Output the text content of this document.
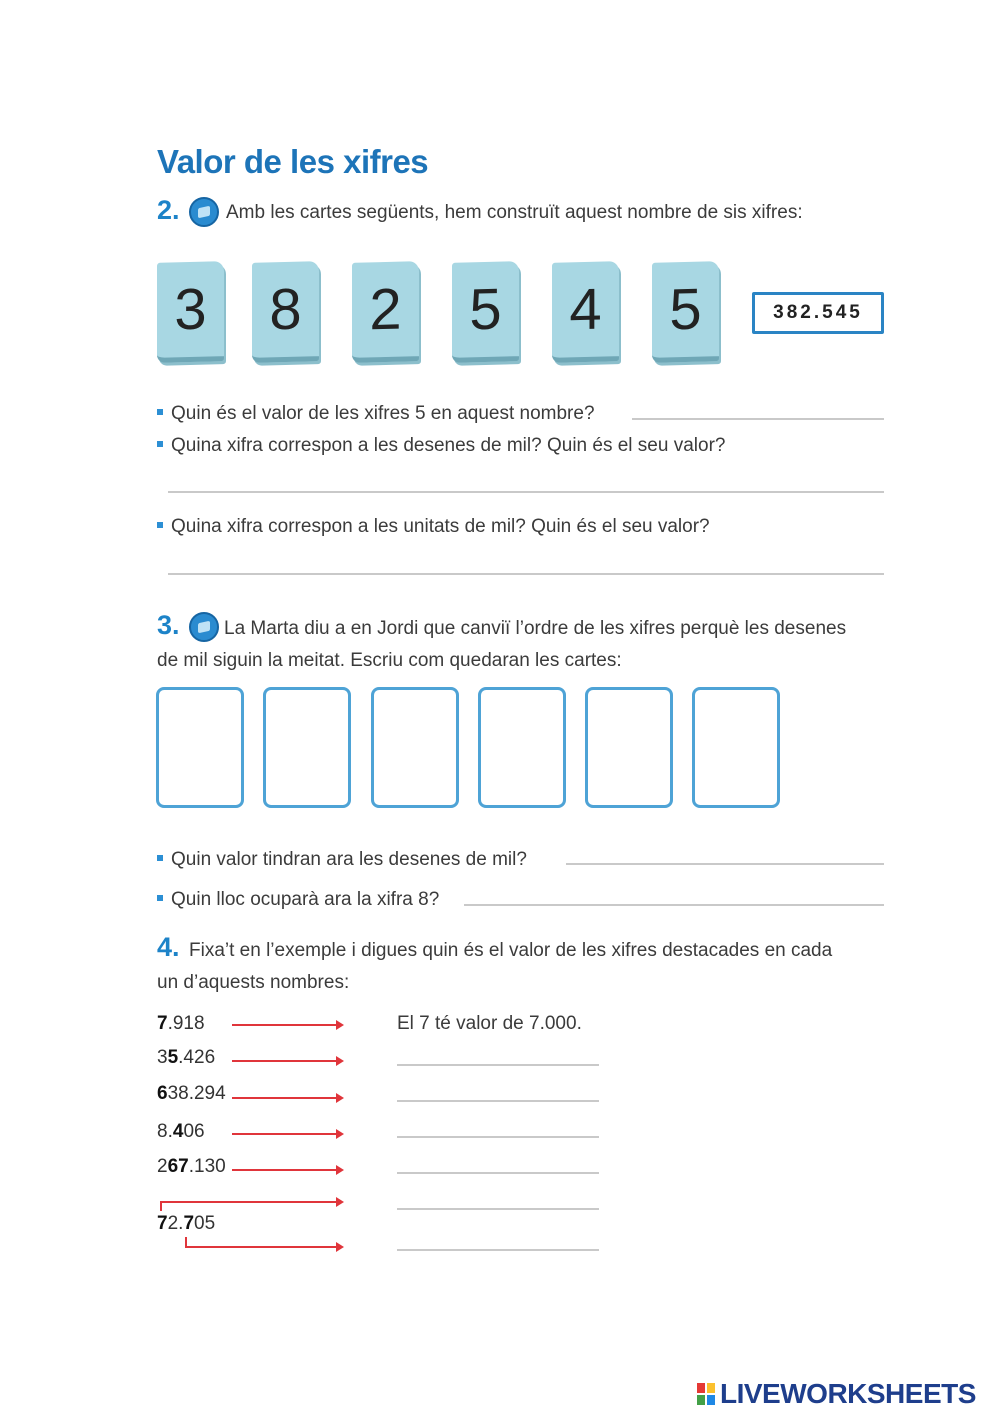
Valor de les xifres
2. Amb les cartes següents, hem construït aquest nombre de sis xifres:
3 8 2 5 4 5	382.545
Quin és el valor de les xifres 5 en aquest nombre?
Quina xifra correspon a les desenes de mil? Quin és el seu valor?
Quina xifra correspon a les unitats de mil? Quin és el seu valor?
3. La Marta diu a en Jordi que canviï l’ordre de les xifres perquè les desenes
de mil siguin la meitat. Escriu com quedaran les cartes:
Quin valor tindran ara les desenes de mil?
Quin lloc ocuparà ara la xifra 8?
4. Fixa’t en l’exemple i digues quin és el valor de les xifres destacades en cada
un d’aquests nombres:
7.918	El 7 té valor de 7.000.
35.426
638.294
8.406
267.130
72.705
LIVEWORKSHEETS
